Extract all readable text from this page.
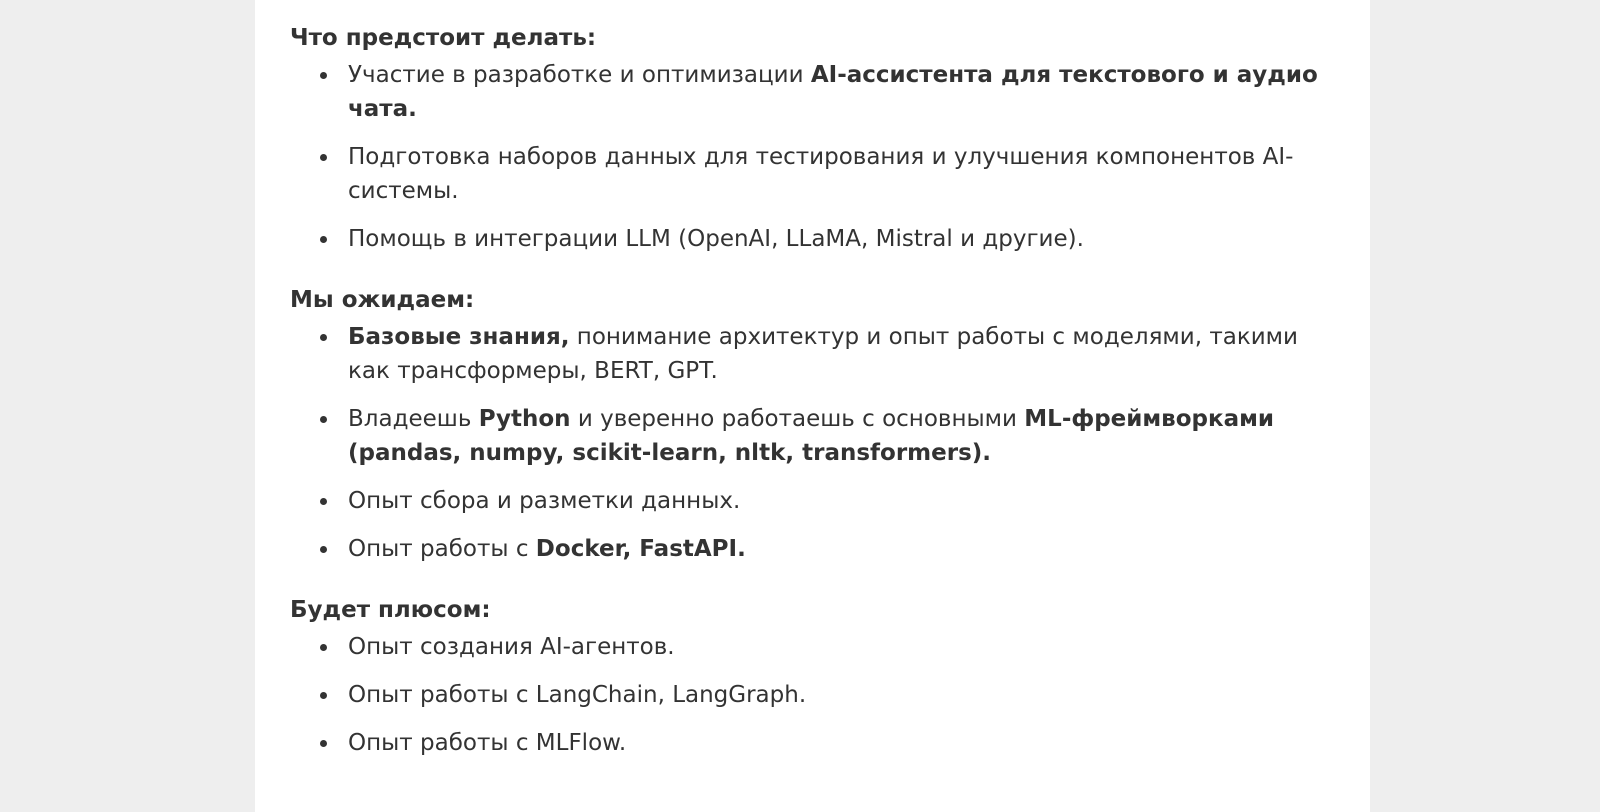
Что предстоит делать:
Участие в разработке и оптимизации AI-ассистента для текстового и аудио чата.
Подготовка наборов данных для тестирования и улучшения компонентов AI-системы.
Помощь в интеграции LLM (OpenAI, LLaMA, Mistral и другие).
Мы ожидаем:
Базовые знания, понимание архитектур и опыт работы с моделями, такими как трансформеры, BERT, GPT.
Владеешь Python и уверенно работаешь с основными ML-фреймворками (pandas, numpy, scikit-learn, nltk, transformers).
Опыт сбора и разметки данных.
Опыт работы с Docker, FastAPI.
Будет плюсом:
Опыт создания AI-агентов.
Опыт работы с LangChain, LangGraph.
Опыт работы с MLFlow.
